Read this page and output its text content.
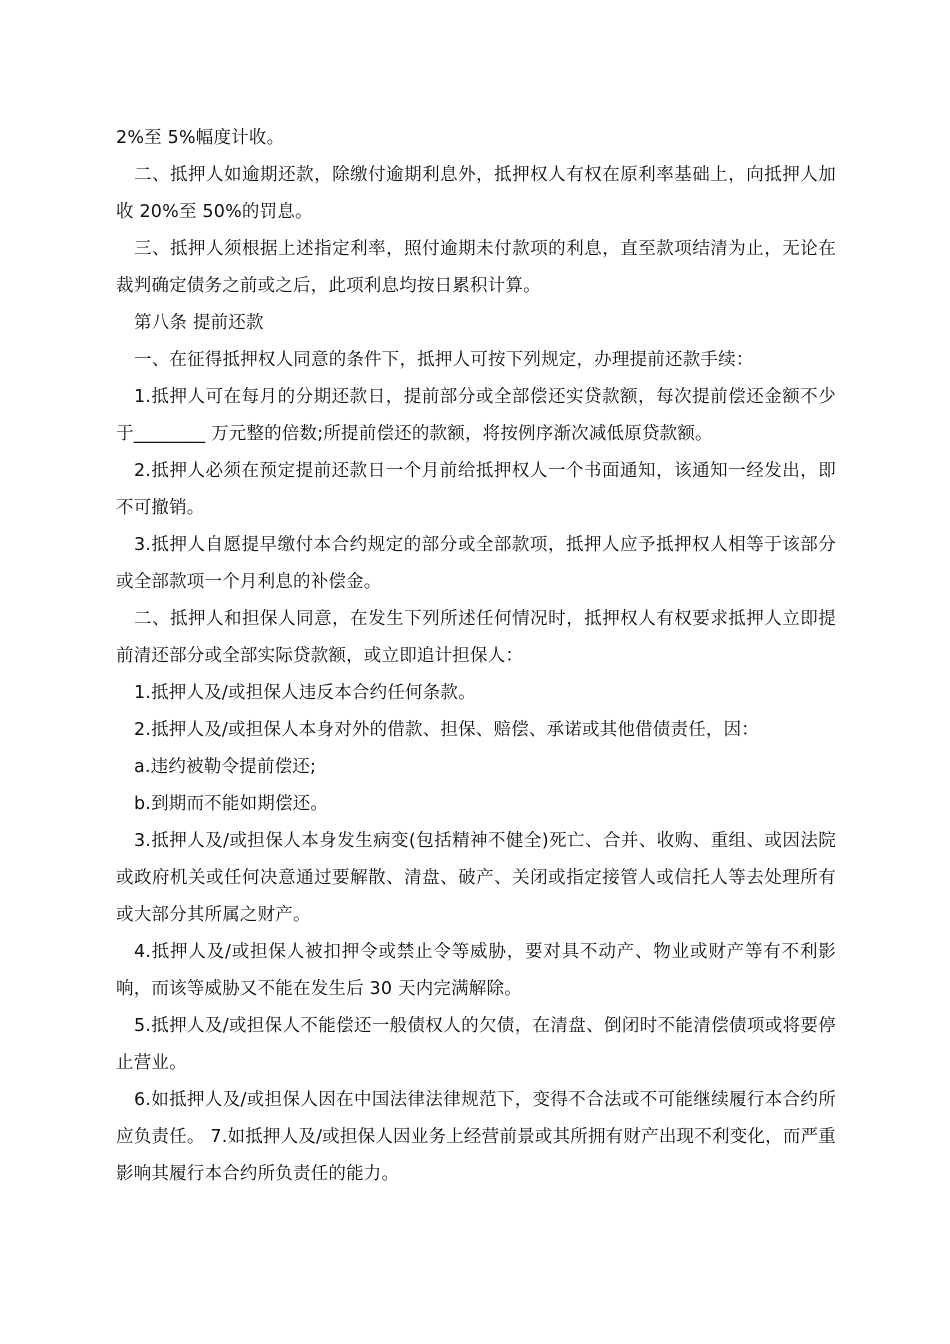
2%至 5%幅度计收。

二、抵押人如逾期还款，除缴付逾期利息外，抵押权人有权在原利率基础上，向抵押人加收 20%至 50%的罚息。

三、抵押人须根据上述指定利率，照付逾期未付款项的利息，直至款项结清为止，无论在裁判确定债务之前或之后，此项利息均按日累积计算。

第八条 提前还款

一、在征得抵押权人同意的条件下，抵押人可按下列规定，办理提前还款手续：

1.抵押人可在每月的分期还款日，提前部分或全部偿还实贷款额，每次提前偿还金额不少于________ 万元整的倍数;所提前偿还的款额，将按例序渐次减低原贷款额。

2.抵押人必须在预定提前还款日一个月前给抵押权人一个书面通知，该通知一经发出，即不可撤销。

3.抵押人自愿提早缴付本合约规定的部分或全部款项，抵押人应予抵押权人相等于该部分或全部款项一个月利息的补偿金。

二、抵押人和担保人同意，在发生下列所述任何情况时，抵押权人有权要求抵押人立即提前清还部分或全部实际贷款额，或立即追计担保人：

1.抵押人及/或担保人违反本合约任何条款。

2.抵押人及/或担保人本身对外的借款、担保、赔偿、承诺或其他借债责任，因：

a.违约被勒令提前偿还;

b.到期而不能如期偿还。

3.抵押人及/或担保人本身发生病变(包括精神不健全)死亡、合并、收购、重组、或因法院或政府机关或任何决意通过要解散、清盘、破产、关闭或指定接管人或信托人等去处理所有或大部分其所属之财产。

4.抵押人及/或担保人被扣押令或禁止令等威胁，要对具不动产、物业或财产等有不利影响，而该等威胁又不能在发生后 30 天内完满解除。

5.抵押人及/或担保人不能偿还一般债权人的欠债，在清盘、倒闭时不能清偿债项或将要停止营业。

6.如抵押人及/或担保人因在中国法律法律规范下，变得不合法或不可能继续履行本合约所应负责任。 7.如抵押人及/或担保人因业务上经营前景或其所拥有财产出现不利变化，而严重影响其履行本合约所负责任的能力。
